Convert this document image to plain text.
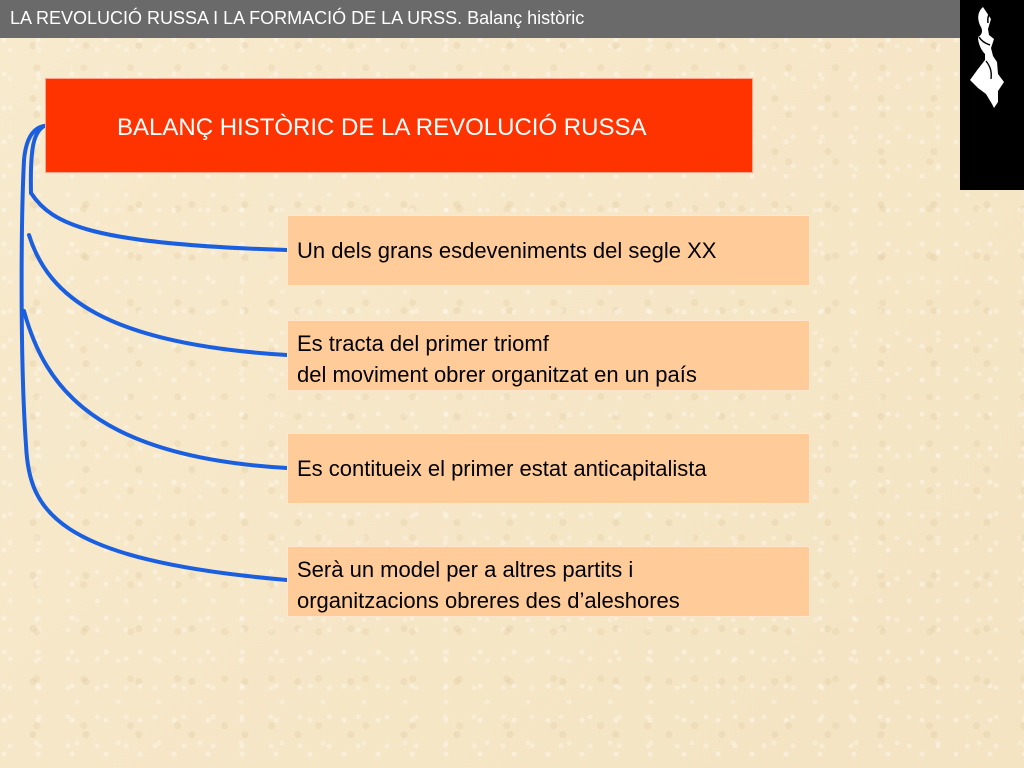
LA REVOLUCIÓ RUSSA I LA FORMACIÓ DE LA URSS. Balanç històric
BALANÇ HISTÒRIC DE LA REVOLUCIÓ RUSSA
Un dels grans esdeveniments del segle XX
Es tracta del primer triomf
del moviment obrer organitzat en un país
Es contitueix el primer estat anticapitalista
Serà un model per a altres partits i
organitzacions obreres des d’aleshores
